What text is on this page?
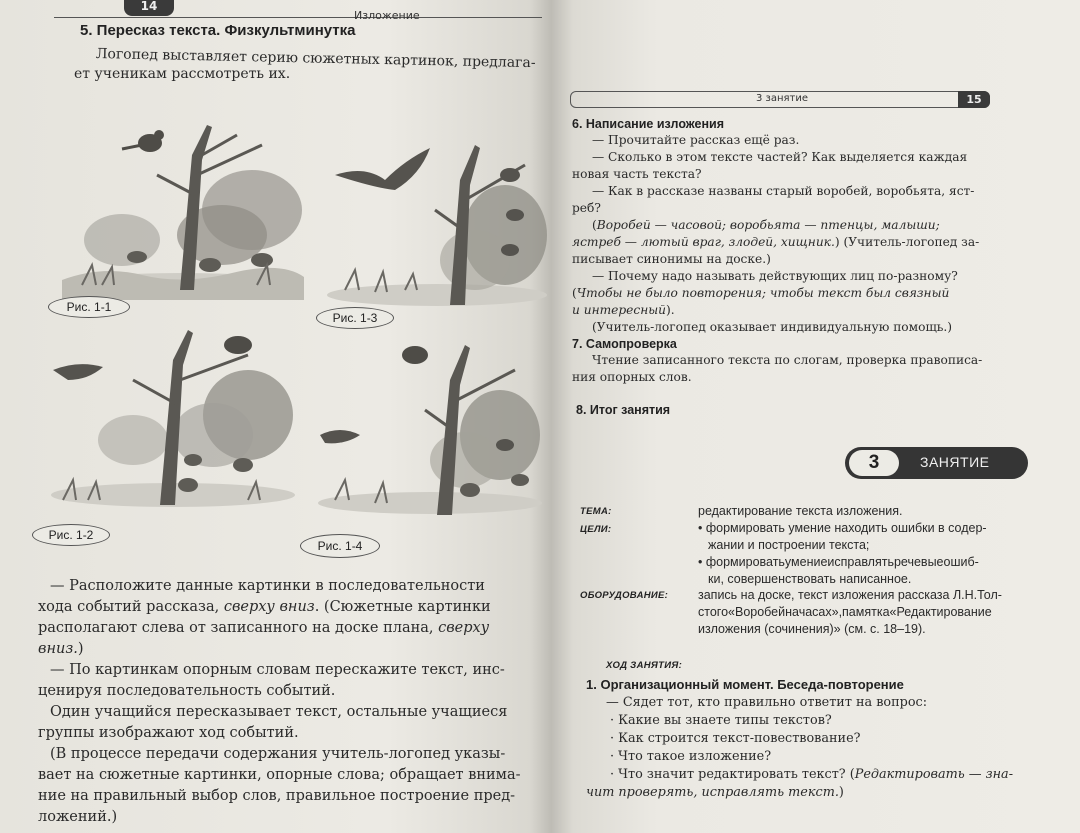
14
Изложение
5. Пересказ текста. Физкультминутка
Логопед выставляет серию сюжетных картинок, предлага-
ет ученикам рассмотреть их.
Рис. 1-1
Рис. 1-3
Рис. 1-2
Рис. 1-4

— Расположите данные картинки в последовательности

хода событий рассказа, сверху вниз. (Сюжетные картинки

располагают слева от записанного на доске плана, сверху

вниз.)

— По картинкам опорным словам перескажите текст, инс-

ценируя последовательность событий.

Один учащийся пересказывает текст, остальные учащиеся

группы изображают ход событий.

(В процессе передачи содержания учитель-логопед указы-

вает на сюжетные картинки, опорные слова; обращает внима-

ние на правильный выбор слов, правильное построение пред-

ложений.)

3 занятие	15
6. Написание изложения

— Прочитайте рассказ ещё раз.

— Сколько в этом тексте частей? Как выделяется каждая

новая часть текста?

— Как в рассказе названы старый воробей, воробьята, яст-

реб?

(Воробей — часовой; воробьята — птенцы, малыши;

ястреб — лютый враг, злодей, хищник.) (Учитель-логопед за-

писывает синонимы на доске.)

— Почему надо называть действующих лиц по-разному?

(Чтобы не было повторения; чтобы текст был связный

и интересный).

(Учитель-логопед оказывает индивидуальную помощь.)

7. Самопроверка

Чтение записанного текста по слогам, проверка правописа-

ния опорных слов.

8. Итог занятия
3	ЗАНЯТИЕ
ТЕМА:	редактирование текста изложения.
ЦЕЛИ:	• формировать умение находить ошибки в содер-

жании и построении текста;

• формироватьумениеисправлятьречевыеошиб-

ки, совершенствовать написанное.

ОБОРУДОВАНИЕ: запись на доске, текст изложения рассказа Л.Н.Тол-

стого«Воробейначасах»,памятка«Редактирование

изложения (сочинения)» (см. с. 18–19).

ХОД ЗАНЯТИЯ:
1. Организационный момент. Беседа-повторение

— Сядет тот, кто правильно ответит на вопрос:

· Какие вы знаете типы текстов?

· Как строится текст-повествование?

· Что такое изложение?

· Что значит редактировать текст? (Редактировать — зна-

чит проверять, исправлять текст.)
